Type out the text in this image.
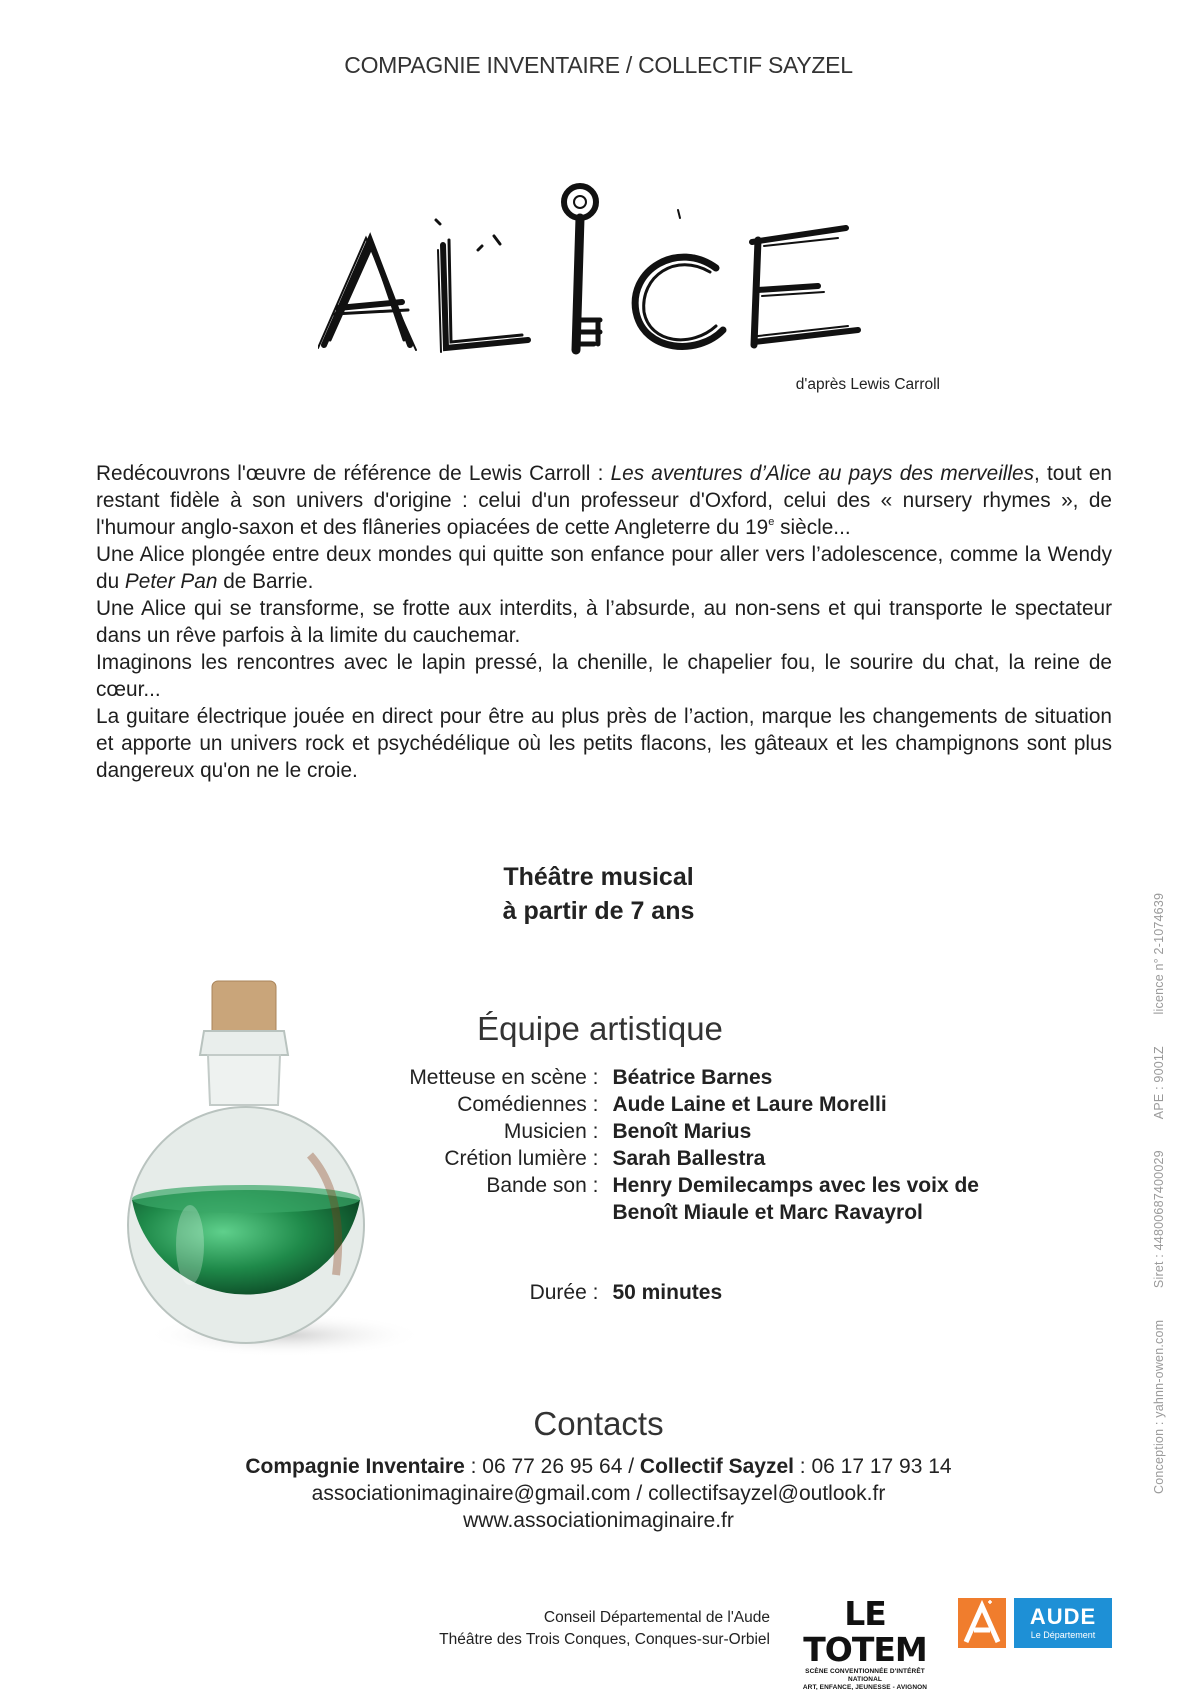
COMPAGNIE INVENTAIRE / COLLECTIF SAYZEL
d'après Lewis Carroll

Redécouvrons l'œuvre de référence de Lewis Carroll : Les aventures d’Alice au pays des merveilles, tout en restant fidèle à son univers d'origine : celui d'un professeur d'Oxford, celui des « nursery rhymes », de l'humour anglo-saxon et des flâneries opiacées de cette Angleterre du 19e siècle...

Une Alice plongée entre deux mondes qui quitte son enfance pour aller vers l’adolescence, comme la Wendy du Peter Pan de Barrie.

Une Alice qui se transforme, se frotte aux interdits, à l’absurde, au non-sens et qui transporte le spectateur dans un rêve parfois à la limite du cauchemar.

Imaginons les rencontres avec le lapin pressé, la chenille, le chapelier fou, le sourire du chat, la reine de cœur...

La guitare électrique jouée en direct pour être au plus près de l’action, marque les changements de situation et apporte un univers rock et psychédélique où les petits flacons, les gâteaux et les champignons sont plus dangereux qu'on ne le croie.

Théâtre musical
à partir de 7 ans
Équipe artistique
Metteuse en scène : Béatrice Barnes
Comédiennes : Aude Laine et Laure Morelli
Musicien : Benoît Marius
Crétion lumière : Sarah Ballestra
Bande son : Henry Demilecamps avec les voix de Benoît Miaule et Marc Ravayrol
Durée : 50 minutes
Contacts
Compagnie Inventaire : 06 77 26 95 64 / Collectif Sayzel : 06 17 17 93 14
associationimaginaire@gmail.com / collectifsayzel@outlook.fr
www.associationimaginaire.fr
Conception : yahnn-owen.com Siret : 44800687400029 APE : 9001Z licence n° 2-1074639
Conseil Départemental de l'Aude
Théâtre des Trois Conques, Conques-sur-Orbiel
LE TOTEM
SCÈNE CONVENTIONNÉE D'INTÉRÊT NATIONAL
ART, ENFANCE, JEUNESSE - AVIGNON
AUDE
Le Département
